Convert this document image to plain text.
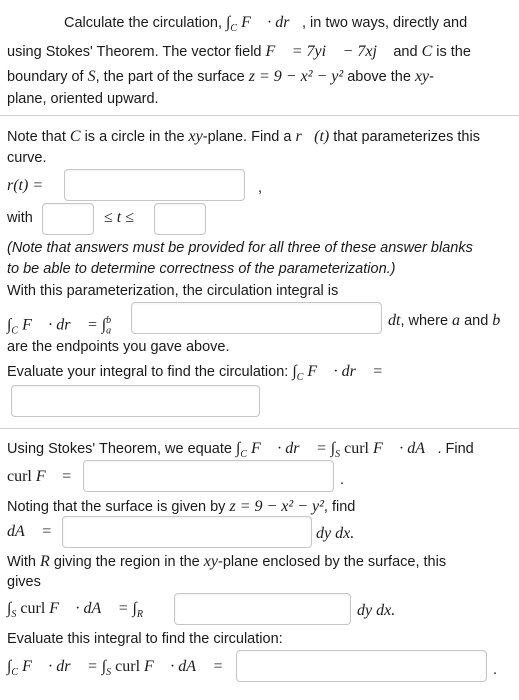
Calculate the circulation, $\int_C$ F⃗ · dr⃗, in two ways, directly and
using Stokes' Theorem. The vector field F⃗ = 7yi⃗ − 7xj⃗ and C is the
boundary of S, the part of the surface z = 9 − x² − y² above the xy-
plane, oriented upward.
Note that C is a circle in the xy-plane. Find a r⃗(t) that parameterizes this
curve.
r(t) =	,
with	≤ t ≤
(Note that answers must be provided for all three of these answer blanks
to be able to determine correctness of the parameterization.)
With this parameterization, the circulation integral is
$\int_C$ F⃗ · dr⃗ = $\int_a^b$	dt, where a and b
are the endpoints you gave above.
Evaluate your integral to find the circulation: $\int_C$ F⃗ · dr⃗ =
Using Stokes' Theorem, we equate $\int_C$ F⃗ · dr⃗ = $\int_S$ curl F⃗ · dA⃗. Find
curl F⃗ =	.
Noting that the surface is given by z = 9 − x² − y², find
dA⃗ =	dy dx.
With R giving the region in the xy-plane enclosed by the surface, this
gives
$\int_S$ curl F⃗ · dA⃗ = $\int_R$	dy dx.
Evaluate this integral to find the circulation:
$\int_C$ F⃗ · dr⃗ = $\int_S$ curl F⃗ · dA⃗ =	.
